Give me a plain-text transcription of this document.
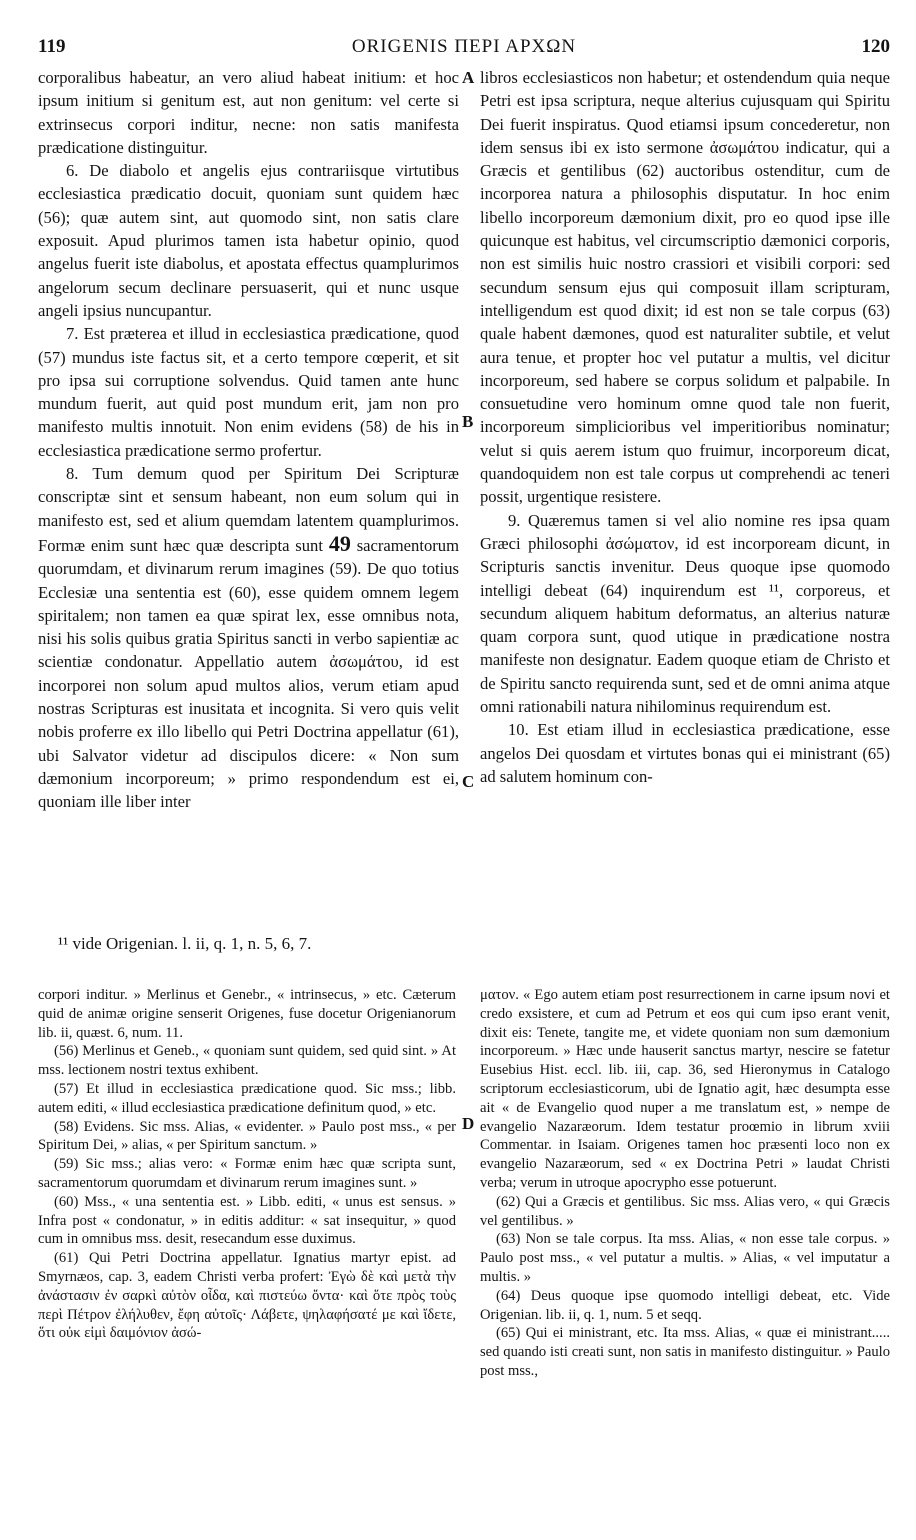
119	ORIGENIS ΠΕΡΙ ΑΡΧΩΝ	120

corporalibus habeatur, an vero aliud habeat initium: et hoc ipsum initium si genitum est, aut non genitum: vel certe si extrinsecus corpori inditur, necne: non satis manifesta prædicatione distinguitur.

6. De diabolo et angelis ejus contrariisque virtutibus ecclesiastica prædicatio docuit, quoniam sunt quidem hæc (56); quæ autem sint, aut quomodo sint, non satis clare exposuit. Apud plurimos tamen ista habetur opinio, quod angelus fuerit iste diabolus, et apostata effectus quamplurimos angelorum secum declinare persuaserit, qui et nunc usque angeli ipsius nuncupantur.

7. Est præterea et illud in ecclesiastica prædicatione, quod (57) mundus iste factus sit, et a certo tempore cœperit, et sit pro ipsa sui corruptione solvendus. Quid tamen ante hunc mundum fuerit, aut quid post mundum erit, jam non pro manifesto multis innotuit. Non enim evidens (58) de his in ecclesiastica prædicatione sermo profertur.

8. Tum demum quod per Spiritum Dei Scripturæ conscriptæ sint et sensum habeant, non eum solum qui in manifesto est, sed et alium quemdam latentem quamplurimos. Formæ enim sunt hæc quæ descripta sunt 49 sacramentorum quorumdam, et divinarum rerum imagines (59). De quo totius Ecclesiæ una sententia est (60), esse quidem omnem legem spiritalem; non tamen ea quæ spirat lex, esse omnibus nota, nisi his solis quibus gratia Spiritus sancti in verbo sapientiæ ac scientiæ condonatur. Appellatio autem ἀσωμάτου, id est incorporei non solum apud multos alios, verum etiam apud nostras Scripturas est inusitata et incognita. Si vero quis velit nobis proferre ex illo libello qui Petri Doctrina appellatur (61), ubi Salvator videtur ad discipulos dicere: « Non sum dæmonium incorporeum; » primo respondendum est ei, quoniam ille liber inter

A
B
C
D

libros ecclesiasticos non habetur; et ostendendum quia neque Petri est ipsa scriptura, neque alterius cujusquam qui Spiritu Dei fuerit inspiratus. Quod etiamsi ipsum concederetur, non idem sensus ibi ex isto sermone ἀσωμάτου indicatur, qui a Græcis et gentilibus (62) auctoribus ostenditur, cum de incorporea natura a philosophis disputatur. In hoc enim libello incorporeum dæmonium dixit, pro eo quod ipse ille quicunque est habitus, vel circumscriptio dæmonici corporis, non est similis huic nostro crassiori et visibili corpori: sed secundum sensum ejus qui composuit illam scripturam, intelligendum est quod dixit; id est non se tale corpus (63) quale habent dæmones, quod est naturaliter subtile, et velut aura tenue, et propter hoc vel putatur a multis, vel dicitur incorporeum, sed habere se corpus solidum et palpabile. In consuetudine vero hominum omne quod tale non fuerit, incorporeum simplicioribus vel imperitioribus nominatur; velut si quis aerem istum quo fruimur, incorporeum dicat, quandoquidem non est tale corpus ut comprehendi ac teneri possit, urgentique resistere.

9. Quæremus tamen si vel alio nomine res ipsa quam Græci philosophi ἀσώματον, id est incorpoream dicunt, in Scripturis sanctis invenitur. Deus quoque ipse quomodo intelligi debeat (64) inquirendum est ¹¹, corporeus, et secundum aliquem habitum deformatus, an alterius naturæ quam corpora sunt, quod utique in prædicatione nostra manifeste non designatur. Eadem quoque etiam de Christo et de Spiritu sancto requirenda sunt, sed et de omni anima atque omni rationabili natura nihilominus requirendum est.

10. Est etiam illud in ecclesiastica prædicatione, esse angelos Dei quosdam et virtutes bonas qui ei ministrant (65) ad salutem hominum con-

¹¹ vide Origenian. l. ii, q. 1, n. 5, 6, 7.

corpori inditur. » Merlinus et Genebr., « intrinsecus, » etc. Cæterum quid de animæ origine senserit Origenes, fuse docetur Origenianorum lib. ii, quæst. 6, num. 11.

(56) Merlinus et Geneb., « quoniam sunt quidem, sed quid sint. » At mss. lectionem nostri textus exhibent.

(57) Et illud in ecclesiastica prædicatione quod. Sic mss.; libb. autem editi, « illud ecclesiastica prædicatione definitum quod, » etc.

(58) Evidens. Sic mss. Alias, « evidenter. » Paulo post mss., « per Spiritum Dei, » alias, « per Spiritum sanctum. »

(59) Sic mss.; alias vero: « Formæ enim hæc quæ scripta sunt, sacramentorum quorumdam et divinarum rerum imagines sunt. »

(60) Mss., « una sententia est. » Libb. editi, « unus est sensus. » Infra post « condonatur, » in editis additur: « sat insequitur, » quod cum in omnibus mss. desit, resecandum esse duximus.

(61) Qui Petri Doctrina appellatur. Ignatius martyr epist. ad Smyrnæos, cap. 3, eadem Christi verba profert: Ἐγὼ δὲ καὶ μετὰ τὴν ἀνάστασιν ἐν σαρκὶ αὐτὸν οἶδα, καὶ πιστεύω ὄντα· καὶ ὅτε πρὸς τοὺς περὶ Πέτρον ἐλήλυθεν, ἔφη αὐτοῖς· Λάβετε, ψηλαφήσατέ με καὶ ἴδετε, ὅτι οὐκ εἰμὶ δαιμόνιον ἀσώ-

ματον. « Ego autem etiam post resurrectionem in carne ipsum novi et credo exsistere, et cum ad Petrum et eos qui cum ipso erant venit, dixit eis: Tenete, tangite me, et videte quoniam non sum dæmonium incorporeum. » Hæc unde hauserit sanctus martyr, nescire se fatetur Eusebius Hist. eccl. lib. iii, cap. 36, sed Hieronymus in Catalogo scriptorum ecclesiasticorum, ubi de Ignatio agit, hæc desumpta esse ait « de Evangelio quod nuper a me translatum est, » nempe de evangelio Nazaræorum. Idem testatur proœmio in librum xviii Commentar. in Isaiam. Origenes tamen hoc præsenti loco non ex evangelio Nazaræorum, sed « ex Doctrina Petri » laudat Christi verba; verum in utroque apocrypho esse potuerunt.

(62) Qui a Græcis et gentilibus. Sic mss. Alias vero, « qui Græcis vel gentilibus. »

(63) Non se tale corpus. Ita mss. Alias, « non esse tale corpus. » Paulo post mss., « vel putatur a multis. » Alias, « vel imputatur a multis. »

(64) Deus quoque ipse quomodo intelligi debeat, etc. Vide Origenian. lib. ii, q. 1, num. 5 et seqq.

(65) Qui ei ministrant, etc. Ita mss. Alias, « quæ ei ministrant..... sed quando isti creati sunt, non satis in manifesto distinguitur. » Paulo post mss.,
